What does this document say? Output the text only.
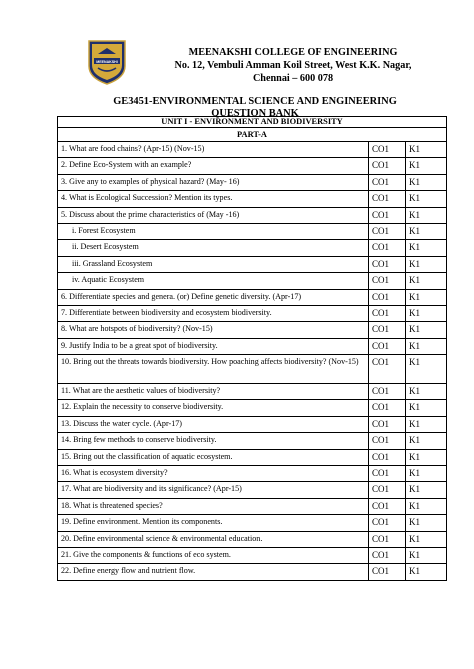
MEENAKSHI
MEENAKSHI COLLEGE OF ENGINEERING
No. 12, Vembuli Amman Koil Street, West K.K. Nagar,
Chennai – 600 078
GE3451-ENVIRONMENTAL SCIENCE AND ENGINEERING
QUESTION BANK
UNIT I - ENVIRONMENT AND BIODIVERSITY		
PART-A		
1. What are food chains? (Apr-15) (Nov-15)	CO1	K1
2. Define Eco-System with an example?	CO1	K1
3. Give any to examples of physical hazard? (May- 16)	CO1	K1
4. What is Ecological Succession? Mention its types.	CO1	K1
5. Discuss about the prime characteristics of (May -16)	CO1	K1
i. Forest Ecosystem	CO1	K1
ii. Desert Ecosystem	CO1	K1
iii. Grassland Ecosystem	CO1	K1
iv. Aquatic Ecosystem	CO1	K1
6. Differentiate species and genera. (or) Define genetic diversity. (Apr-17)	CO1	K1
7. Differentiate between biodiversity and ecosystem biodiversity.	CO1	K1
8. What are hotspots of biodiversity? (Nov-15)	CO1	K1
9. Justify India to be a great spot of biodiversity.	CO1	K1
10. Bring out the threats towards biodiversity. How poaching affects biodiversity? (Nov-15)	CO1	K1
11. What are the aesthetic values of biodiversity?	CO1	K1
12. Explain the necessity to conserve biodiversity.	CO1	K1
13. Discuss the water cycle. (Apr-17)	CO1	K1
14. Bring few methods to conserve biodiversity.	CO1	K1
15. Bring out the classification of aquatic ecosystem.	CO1	K1
16. What is ecosystem diversity?	CO1	K1
17. What are biodiversity and its significance? (Apr-15)	CO1	K1
18. What is threatened species?	CO1	K1
19. Define environment. Mention its components.	CO1	K1
20. Define environmental science & environmental education.	CO1	K1
21. Give the components & functions of eco system.	CO1	K1
22. Define energy flow and nutrient flow.	CO1	K1
